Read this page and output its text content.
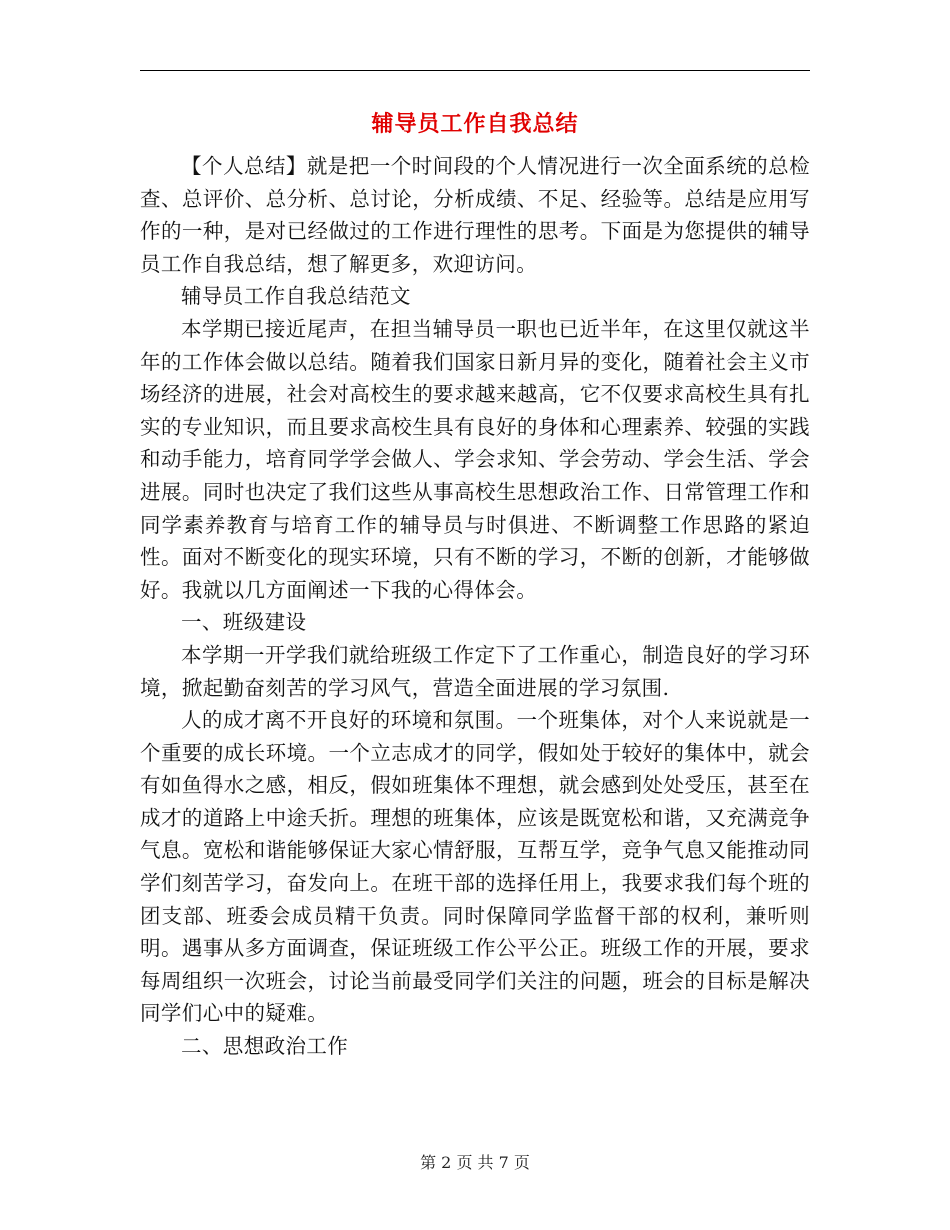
辅导员工作自我总结

【个人总结】就是把一个时间段的个人情况进行一次全面系统的总检查、总评价、总分析、总讨论，分析成绩、不足、经验等。总结是应用写作的一种，是对已经做过的工作进行理性的思考。下面是为您提供的辅导员工作自我总结，想了解更多，欢迎访问。

辅导员工作自我总结范文

本学期已接近尾声，在担当辅导员一职也已近半年，在这里仅就这半年的工作体会做以总结。随着我们国家日新月异的变化，随着社会主义市场经济的进展，社会对高校生的要求越来越高，它不仅要求高校生具有扎实的专业知识，而且要求高校生具有良好的身体和心理素养、较强的实践和动手能力，培育同学学会做人、学会求知、学会劳动、学会生活、学会进展。同时也决定了我们这些从事高校生思想政治工作、日常管理工作和同学素养教育与培育工作的辅导员与时俱进、不断调整工作思路的紧迫性。面对不断变化的现实环境，只有不断的学习，不断的创新，才能够做好。我就以几方面阐述一下我的心得体会。

一、班级建设

本学期一开学我们就给班级工作定下了工作重心，制造良好的学习环境，掀起勤奋刻苦的学习风气，营造全面进展的学习氛围.

人的成才离不开良好的环境和氛围。一个班集体，对个人来说就是一个重要的成长环境。一个立志成才的同学，假如处于较好的集体中，就会有如鱼得水之感，相反，假如班集体不理想，就会感到处处受压，甚至在成才的道路上中途夭折。理想的班集体，应该是既宽松和谐，又充满竞争气息。宽松和谐能够保证大家心情舒服，互帮互学，竞争气息又能推动同学们刻苦学习，奋发向上。在班干部的选择任用上，我要求我们每个班的团支部、班委会成员精干负责。同时保障同学监督干部的权利，兼听则明。遇事从多方面调查，保证班级工作公平公正。班级工作的开展，要求每周组织一次班会，讨论当前最受同学们关注的问题，班会的目标是解决同学们心中的疑难。

二、思想政治工作

第 2 页 共 7 页
